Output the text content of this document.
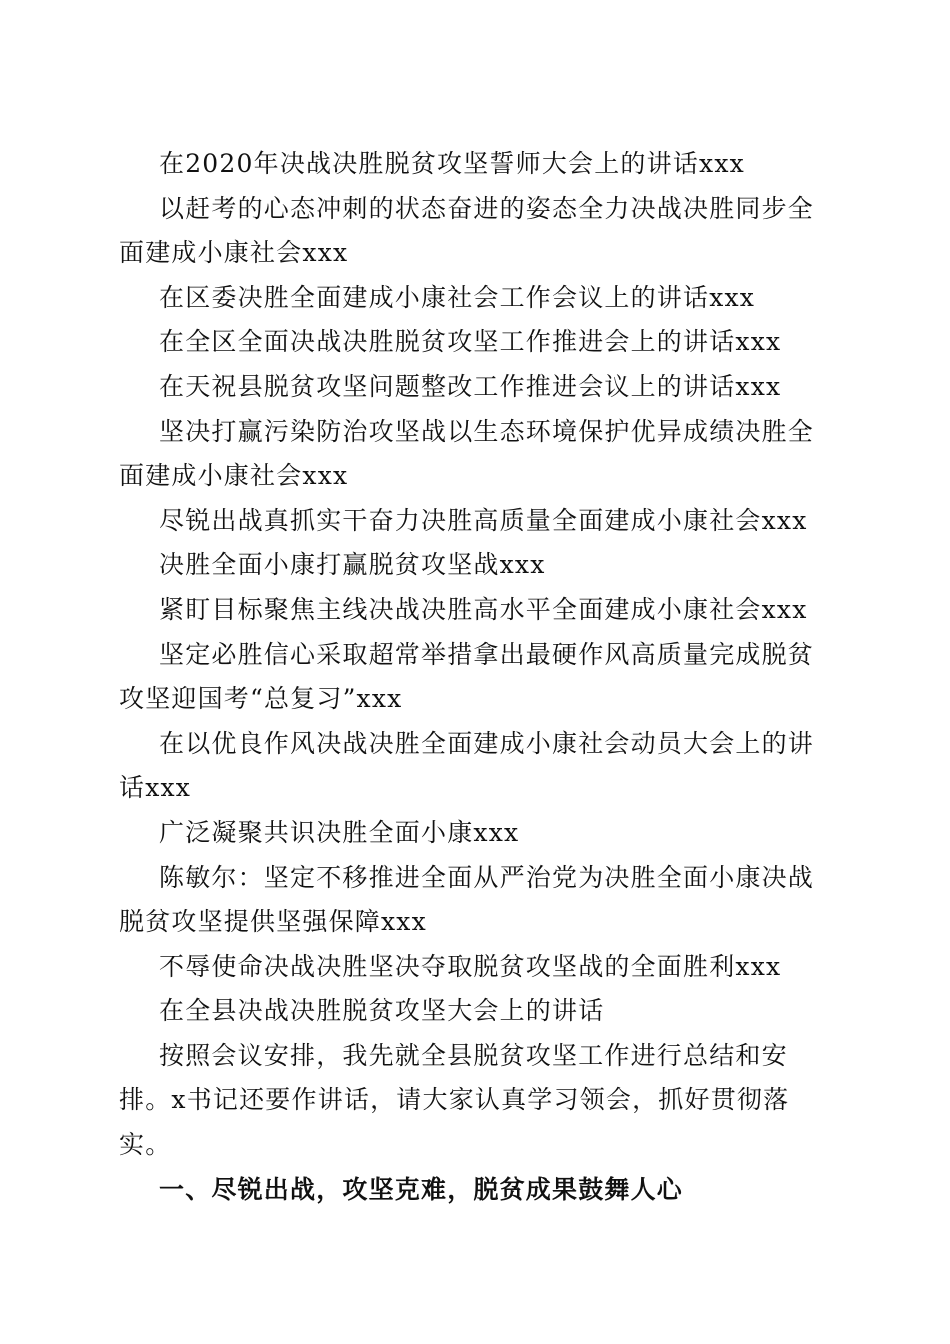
在2020年决战决胜脱贫攻坚誓师大会上的讲话xxx

以赶考的心态冲刺的状态奋进的姿态全力决战决胜同步全面建成小康社会xxx

在区委决胜全面建成小康社会工作会议上的讲话xxx

在全区全面决战决胜脱贫攻坚工作推进会上的讲话xxx

在天祝县脱贫攻坚问题整改工作推进会议上的讲话xxx

坚决打赢污染防治攻坚战以生态环境保护优异成绩决胜全面建成小康社会xxx

尽锐出战真抓实干奋力决胜高质量全面建成小康社会xxx

决胜全面小康打赢脱贫攻坚战xxx

紧盯目标聚焦主线决战决胜高水平全面建成小康社会xxx

坚定必胜信心采取超常举措拿出最硬作风高质量完成脱贫攻坚迎国考“总复习”xxx

在以优良作风决战决胜全面建成小康社会动员大会上的讲话xxx

广泛凝聚共识决胜全面小康xxx

陈敏尔：坚定不移推进全面从严治党为决胜全面小康决战脱贫攻坚提供坚强保障xxx

不辱使命决战决胜坚决夺取脱贫攻坚战的全面胜利xxx

在全县决战决胜脱贫攻坚大会上的讲话

按照会议安排，我先就全县脱贫攻坚工作进行总结和安排。x书记还要作讲话，请大家认真学习领会，抓好贯彻落实。

一、尽锐出战，攻坚克难，脱贫成果鼓舞人心
